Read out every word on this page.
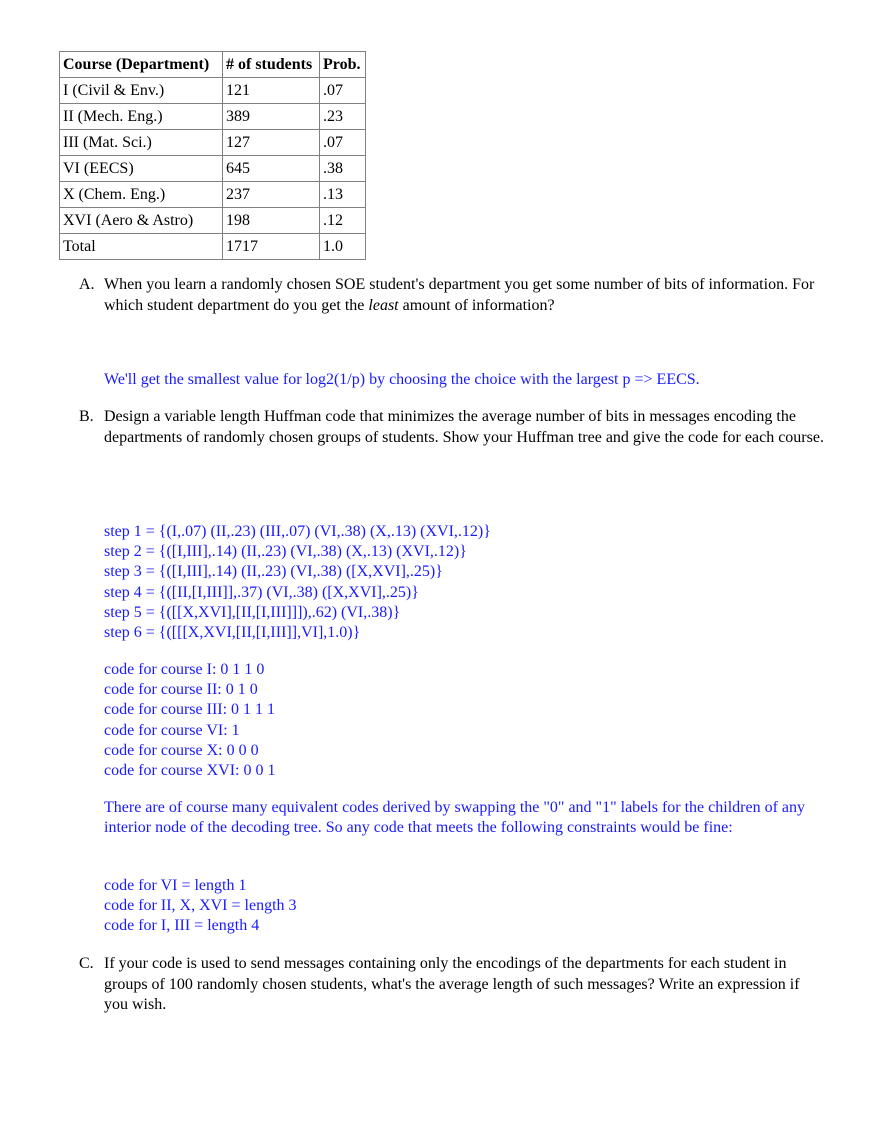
Course (Department)	# of students	Prob.
I (Civil & Env.)	121	.07
II (Mech. Eng.)	389	.23
III (Mat. Sci.)	127	.07
VI (EECS)	645	.38
X (Chem. Eng.)	237	.13
XVI (Aero & Astro)	198	.12
Total	1717	1.0
A. When you learn a randomly chosen SOE student's department you get some number of bits of information. For which student department do you get the least amount of information?
We'll get the smallest value for log2(1/p) by choosing the choice with the largest p => EECS.
B. Design a variable length Huffman code that minimizes the average number of bits in messages encoding the departments of randomly chosen groups of students. Show your Huffman tree and give the code for each course.
step 1 = {(I,.07) (II,.23) (III,.07) (VI,.38) (X,.13) (XVI,.12)}
step 2 = {([I,III],.14) (II,.23) (VI,.38) (X,.13) (XVI,.12)}
step 3 = {([I,III],.14) (II,.23) (VI,.38) ([X,XVI],.25)}
step 4 = {([II,[I,III]],.37) (VI,.38) ([X,XVI],.25)}
step 5 = {([[X,XVI],[II,[I,III]]]),.62) (VI,.38)}
step 6 = {([[[X,XVI,[II,[I,III]],VI],1.0)}
code for course I: 0 1 1 0
code for course II: 0 1 0
code for course III: 0 1 1 1
code for course VI: 1
code for course X: 0 0 0
code for course XVI: 0 0 1
There are of course many equivalent codes derived by swapping the "0" and "1" labels for the children of any interior node of the decoding tree. So any code that meets the following constraints would be fine:
code for VI = length 1
code for II, X, XVI = length 3
code for I, III = length 4
C. If your code is used to send messages containing only the encodings of the departments for each student in groups of 100 randomly chosen students, what's the average length of such messages? Write an expression if you wish.
